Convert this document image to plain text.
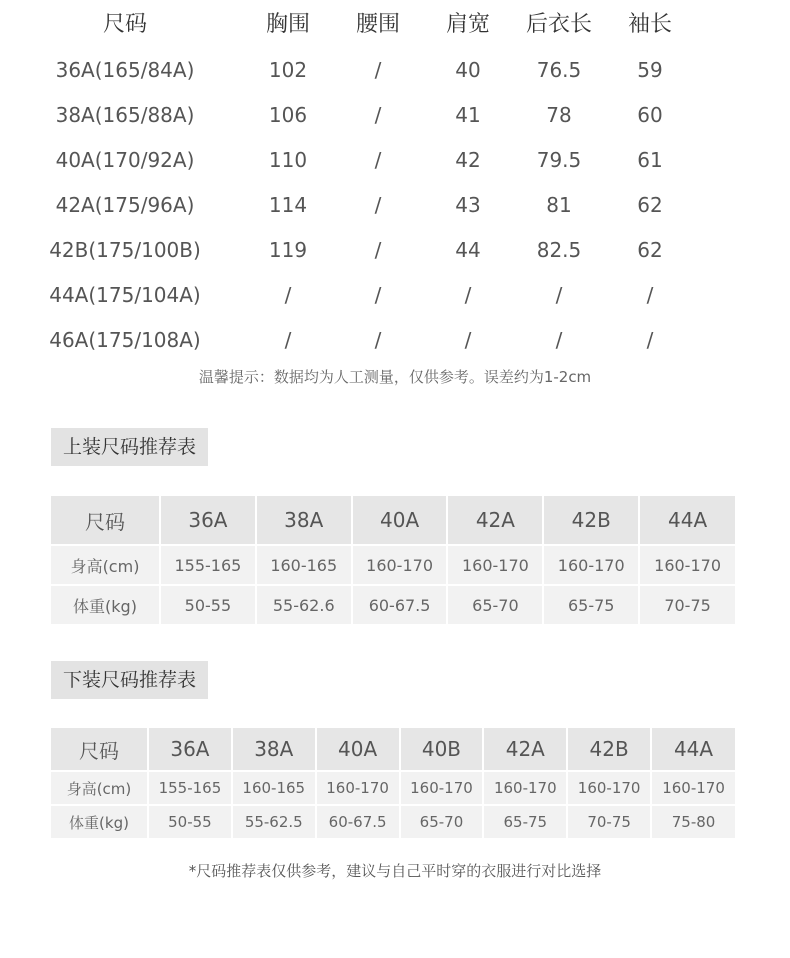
尺码	胸围	腰围	肩宽	后衣长	袖长
36A(165/84A)	102	/	40	76.5	59
38A(165/88A)	106	/	41	78	60
40A(170/92A)	110	/	42	79.5	61
42A(175/96A)	114	/	43	81	62
42B(175/100B)	119	/	44	82.5	62
44A(175/104A)	/	/	/	/	/
46A(175/108A)	/	/	/	/	/
温馨提示：数据均为人工测量，仅供参考。误差约为1-2cm
上装尺码推荐表
尺码	36A	38A	40A	42A	42B	44A
身高(cm)	155-165	160-165	160-170	160-170	160-170	160-170
体重(kg)	50-55	55-62.6	60-67.5	65-70	65-75	70-75
下装尺码推荐表
尺码	36A	38A	40A	40B	42A	42B	44A
身高(cm)	155-165	160-165	160-170	160-170	160-170	160-170	160-170
体重(kg)	50-55	55-62.5	60-67.5	65-70	65-75	70-75	75-80
*尺码推荐表仅供参考，建议与自己平时穿的衣服进行对比选择
